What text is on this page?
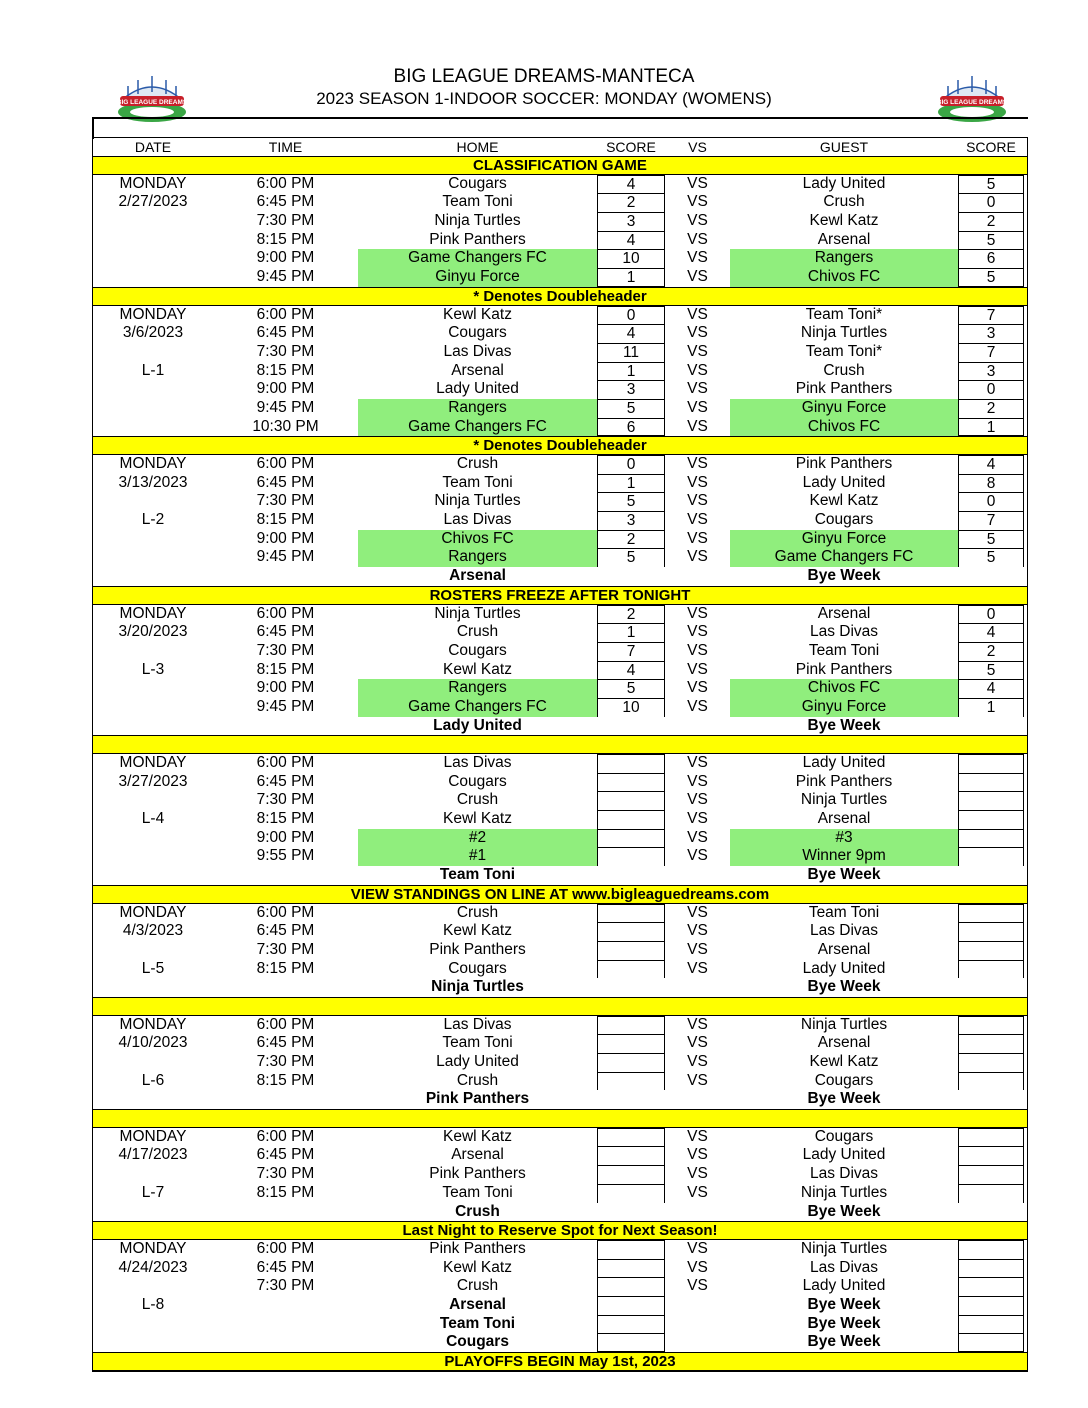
BIG LEAGUE DREAMS-MANTECA
2023 SEASON 1-INDOOR SOCCER: MONDAY (WOMENS)
BIG LEAGUE DREAMS	BIG LEAGUE DREAMS
DATE	TIME	HOME	SCORE	VS	GUEST	SCORE
CLASSIFICATION GAME
MONDAY	6:00 PM	Cougars	4	VS	Lady United	5
2/27/2023	6:45 PM	Team Toni	2	VS	Crush	0
7:30 PM	Ninja Turtles	3	VS	Kewl Katz	2
8:15 PM	Pink Panthers	4	VS	Arsenal	5
9:00 PM	Game Changers FC	10	VS	Rangers	6
9:45 PM	Ginyu Force	1	VS	Chivos FC	5
* Denotes Doubleheader
MONDAY	6:00 PM	Kewl Katz	0	VS	Team Toni*	7
3/6/2023	6:45 PM	Cougars	4	VS	Ninja Turtles	3
7:30 PM	Las Divas	11	VS	Team Toni*	7
L-1	8:15 PM	Arsenal	1	VS	Crush	3
9:00 PM	Lady United	3	VS	Pink Panthers	0
9:45 PM	Rangers	5	VS	Ginyu Force	2
10:30 PM	Game Changers FC	6	VS	Chivos FC	1
* Denotes Doubleheader
MONDAY	6:00 PM	Crush	0	VS	Pink Panthers	4
3/13/2023	6:45 PM	Team Toni	1	VS	Lady United	8
7:30 PM	Ninja Turtles	5	VS	Kewl Katz	0
L-2	8:15 PM	Las Divas	3	VS	Cougars	7
9:00 PM	Chivos FC	2	VS	Ginyu Force	5
9:45 PM	Rangers	5	VS	Game Changers FC	5
Arsenal	Bye Week
ROSTERS FREEZE AFTER TONIGHT
MONDAY	6:00 PM	Ninja Turtles	2	VS	Arsenal	0
3/20/2023	6:45 PM	Crush	1	VS	Las Divas	4
7:30 PM	Cougars	7	VS	Team Toni	2
L-3	8:15 PM	Kewl Katz	4	VS	Pink Panthers	5
9:00 PM	Rangers	5	VS	Chivos FC	4
9:45 PM	Game Changers FC	10	VS	Ginyu Force	1
Lady United	Bye Week
MONDAY	6:00 PM	Las Divas	VS	Lady United
3/27/2023	6:45 PM	Cougars	VS	Pink Panthers
7:30 PM	Crush	VS	Ninja Turtles
L-4	8:15 PM	Kewl Katz	VS	Arsenal
9:00 PM	#2	VS	#3
9:55 PM	#1	VS	Winner 9pm
Team Toni	Bye Week
VIEW STANDINGS ON LINE AT www.bigleaguedreams.com
MONDAY	6:00 PM	Crush	VS	Team Toni
4/3/2023	6:45 PM	Kewl Katz	VS	Las Divas
7:30 PM	Pink Panthers	VS	Arsenal
L-5	8:15 PM	Cougars	VS	Lady United
Ninja Turtles	Bye Week
MONDAY	6:00 PM	Las Divas	VS	Ninja Turtles
4/10/2023	6:45 PM	Team Toni	VS	Arsenal
7:30 PM	Lady United	VS	Kewl Katz
L-6	8:15 PM	Crush	VS	Cougars
Pink Panthers	Bye Week
MONDAY	6:00 PM	Kewl Katz	VS	Cougars
4/17/2023	6:45 PM	Arsenal	VS	Lady United
7:30 PM	Pink Panthers	VS	Las Divas
L-7	8:15 PM	Team Toni	VS	Ninja Turtles
Crush	Bye Week
Last Night to Reserve Spot for Next Season!
MONDAY	6:00 PM	Pink Panthers	VS	Ninja Turtles
4/24/2023	6:45 PM	Kewl Katz	VS	Las Divas
7:30 PM	Crush	VS	Lady United
L-8	Arsenal	Bye Week
Team Toni	Bye Week
Cougars	Bye Week
PLAYOFFS BEGIN May 1st, 2023
